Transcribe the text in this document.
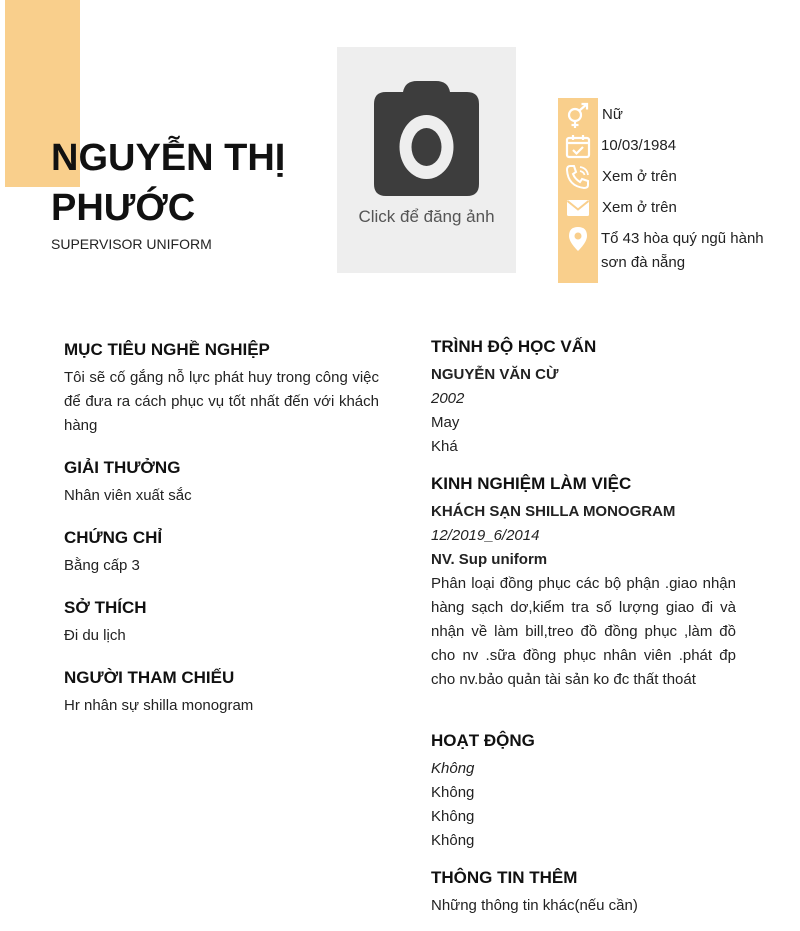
NGUYỄN THỊ PHƯỚC
SUPERVISOR UNIFORM
Click để đăng ảnh
Nữ
10/03/1984
Xem ở trên
Xem ở trên
Tổ 43 hòa quý ngũ hành sơn đà nẵng
MỤC TIÊU NGHỀ NGHIỆP
Tôi sẽ cố gắng nỗ lực phát huy trong công việc để đưa ra cách phục vụ tốt nhất đến với khách hàng
GIẢI THƯỞNG
Nhân viên xuất sắc
CHỨNG CHỈ
Bằng cấp 3
SỞ THÍCH
Đi du lịch
NGƯỜI THAM CHIẾU
Hr nhân sự shilla monogram
TRÌNH ĐỘ HỌC VẤN
NGUYỄN VĂN CỪ
2002
May
Khá
KINH NGHIỆM LÀM VIỆC
KHÁCH SẠN SHILLA MONOGRAM
12/2019_6/2014
NV. Sup uniform
Phân loại đồng phục các bộ phận .giao nhận hàng sạch dơ,kiểm tra số lượng giao đi và nhận về làm bill,treo đồ đồng phục ,làm đồ cho nv .sữa đồng phục nhân viên .phát đp cho nv.bảo quản tài sản ko đc thất thoát
HOẠT ĐỘNG
Không
Không
Không
Không
THÔNG TIN THÊM
Những thông tin khác(nếu cần)
